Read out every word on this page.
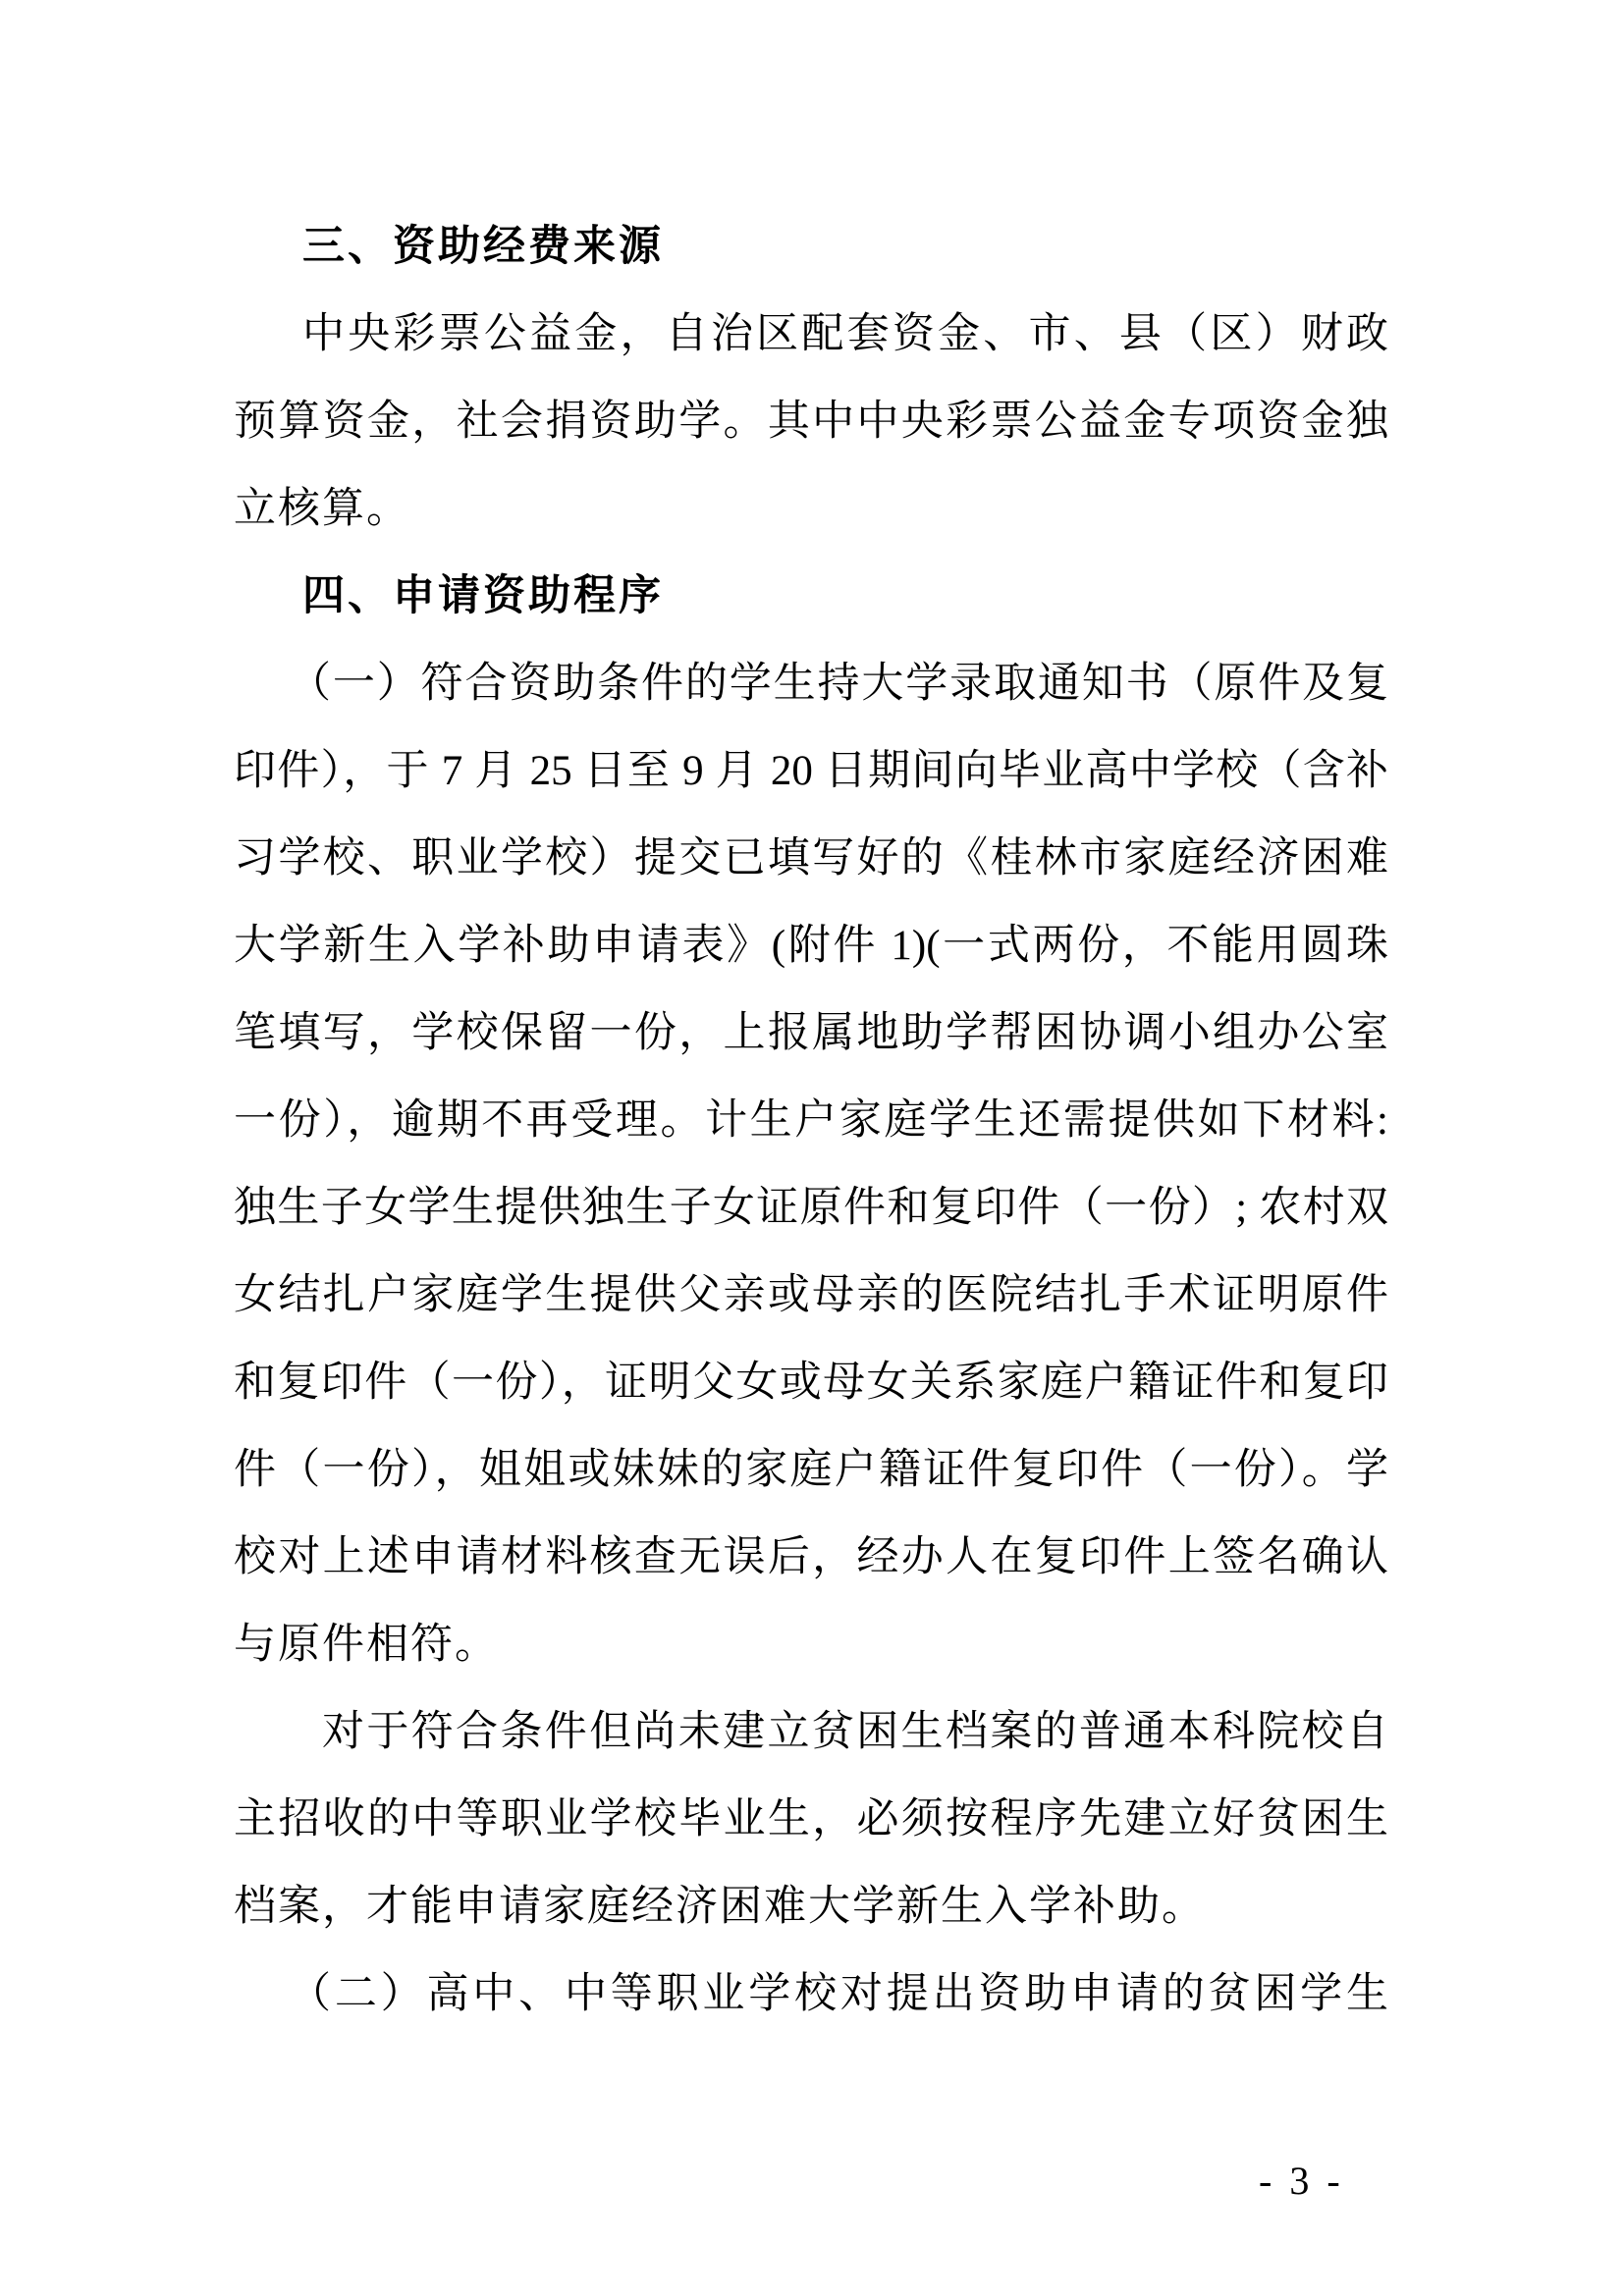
三、资助经费来源
中央彩票公益金，自治区配套资金、市、县（区）财政
预算资金，社会捐资助学。其中中央彩票公益金专项资金独
立核算。
四、申请资助程序
（一）符合资助条件的学生持大学录取通知书（原件及复
印件），于 7 月 25 日至 9 月 20 日期间向毕业高中学校（含补
习学校、职业学校）提交已填写好的《桂林市家庭经济困难
大学新生入学补助申请表》(附件 1)(一式两份，不能用圆珠
笔填写，学校保留一份，上报属地助学帮困协调小组办公室
一份），逾期不再受理。计生户家庭学生还需提供如下材料:
独生子女学生提供独生子女证原件和复印件（一份）; 农村双
女结扎户家庭学生提供父亲或母亲的医院结扎手术证明原件
和复印件（一份），证明父女或母女关系家庭户籍证件和复印
件（一份），姐姐或妹妹的家庭户籍证件复印件（一份）。学
校对上述申请材料核查无误后，经办人在复印件上签名确认
与原件相符。
对于符合条件但尚未建立贫困生档案的普通本科院校自
主招收的中等职业学校毕业生，必须按程序先建立好贫困生
档案，才能申请家庭经济困难大学新生入学补助。
（二）高中、中等职业学校对提出资助申请的贫困学生
- 3 -
